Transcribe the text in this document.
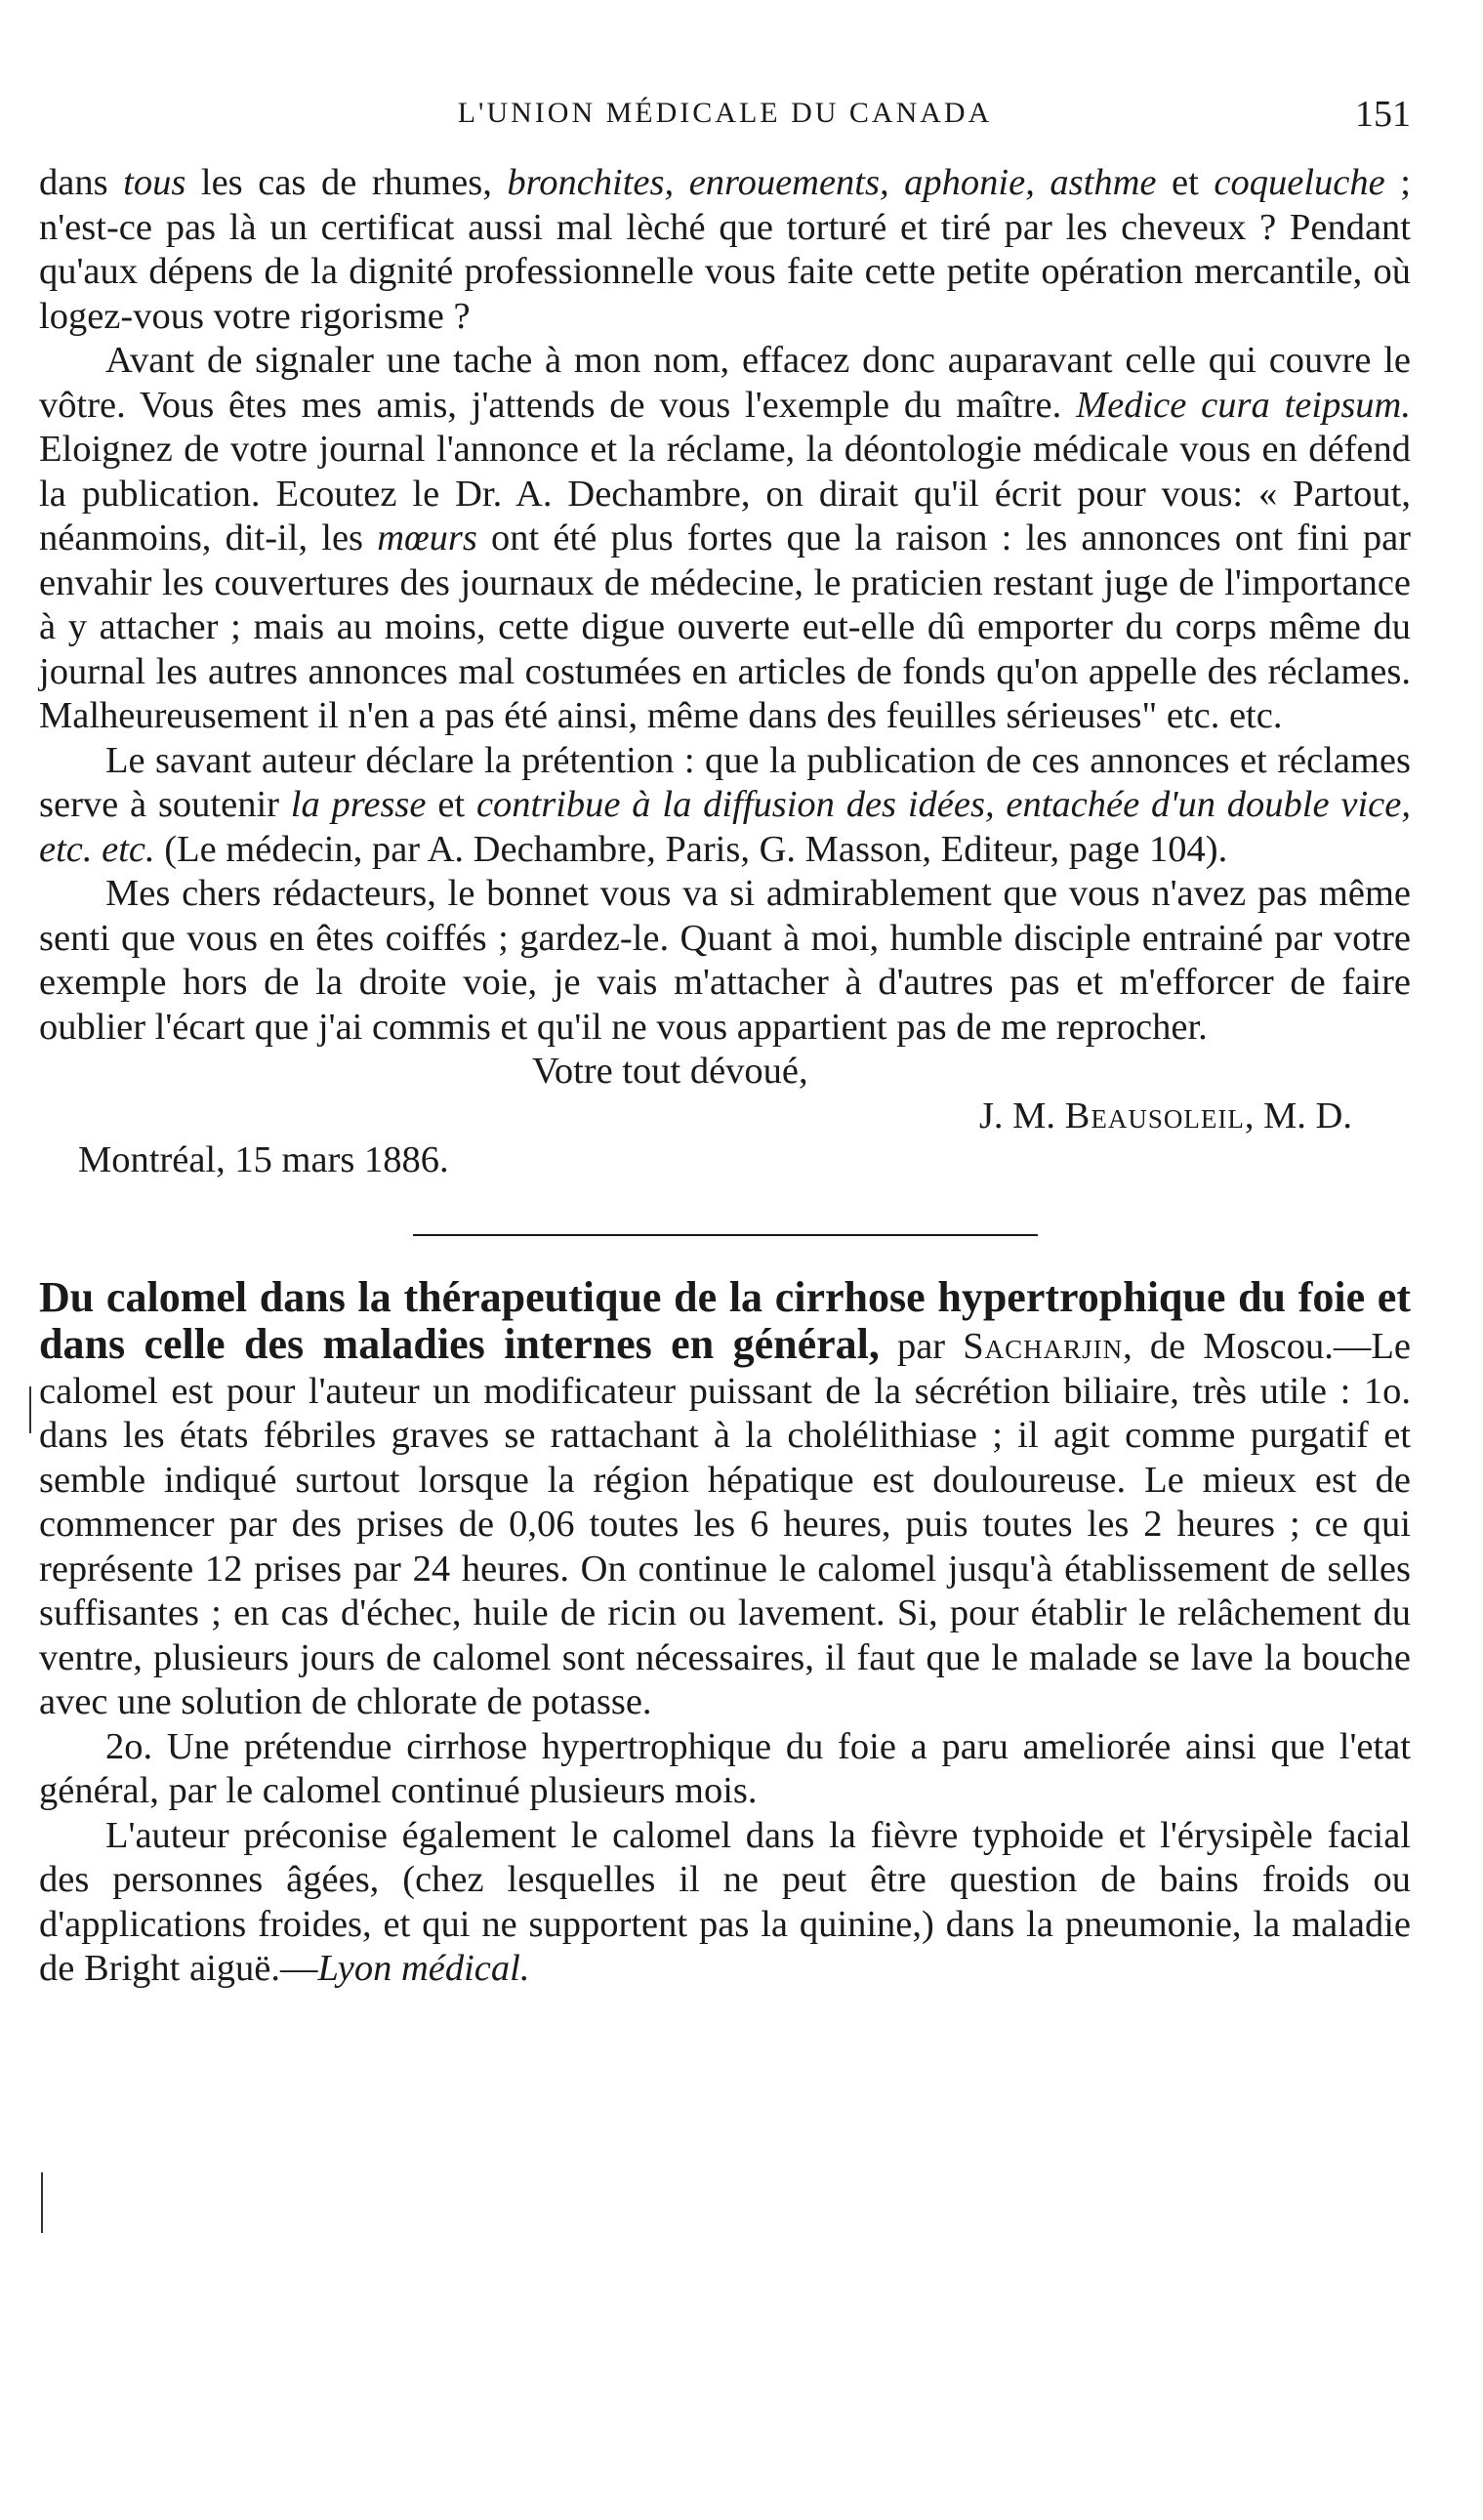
L'UNION MÉDICALE DU CANADA	151

dans tous les cas de rhumes, bronchites, enrouements, aphonie, asthme et coqueluche ; n'est-ce pas là un certificat aussi mal lèché que torturé et tiré par les cheveux ? Pendant qu'aux dépens de la dignité professionnelle vous faite cette petite opération mercantile, où logez-vous votre rigorisme ?

Avant de signaler une tache à mon nom, effacez donc auparavant celle qui couvre le vôtre. Vous êtes mes amis, j'attends de vous l'exemple du maître. Medice cura teipsum. Eloignez de votre journal l'annonce et la réclame, la déontologie médicale vous en défend la publication. Ecoutez le Dr. A. Dechambre, on dirait qu'il écrit pour vous: « Partout, néanmoins, dit-il, les mœurs ont été plus fortes que la raison : les annonces ont fini par envahir les couvertures des journaux de médecine, le praticien restant juge de l'importance à y attacher ; mais au moins, cette digue ouverte eut-elle dû emporter du corps même du journal les autres annonces mal costumées en articles de fonds qu'on appelle des réclames. Malheureusement il n'en a pas été ainsi, même dans des feuilles sérieuses" etc. etc.

Le savant auteur déclare la prétention : que la publication de ces annonces et réclames serve à soutenir la presse et contribue à la diffusion des idées, entachée d'un double vice, etc. etc. (Le médecin, par A. Dechambre, Paris, G. Masson, Editeur, page 104).

Mes chers rédacteurs, le bonnet vous va si admirablement que vous n'avez pas même senti que vous en êtes coiffés ; gardez-le. Quant à moi, humble disciple entrainé par votre exemple hors de la droite voie, je vais m'attacher à d'autres pas et m'efforcer de faire oublier l'écart que j'ai commis et qu'il ne vous appartient pas de me reprocher.

Votre tout dévoué,

J. M. Beausoleil, M. D.

Montréal, 15 mars 1886.

Du calomel dans la thérapeutique de la cirrhose hypertrophique du foie et dans celle des maladies internes en général, par Sacharjin, de Moscou.—Le calomel est pour l'auteur un modificateur puissant de la sécrétion biliaire, très utile : 1o. dans les états fébriles graves se rattachant à la cholélithiase ; il agit comme purgatif et semble indiqué surtout lorsque la région hépatique est douloureuse. Le mieux est de commencer par des prises de 0,06 toutes les 6 heures, puis toutes les 2 heures ; ce qui représente 12 prises par 24 heures. On continue le calomel jusqu'à établissement de selles suffisantes ; en cas d'échec, huile de ricin ou lavement. Si, pour établir le relâchement du ventre, plusieurs jours de calomel sont nécessaires, il faut que le malade se lave la bouche avec une solution de chlorate de potasse.

2o. Une prétendue cirrhose hypertrophique du foie a paru ameliorée ainsi que l'etat général, par le calomel continué plusieurs mois.

L'auteur préconise également le calomel dans la fièvre typhoide et l'érysipèle facial des personnes âgées, (chez lesquelles il ne peut être question de bains froids ou d'applications froides, et qui ne supportent pas la quinine,) dans la pneumonie, la maladie de Bright aiguë.—Lyon médical.
